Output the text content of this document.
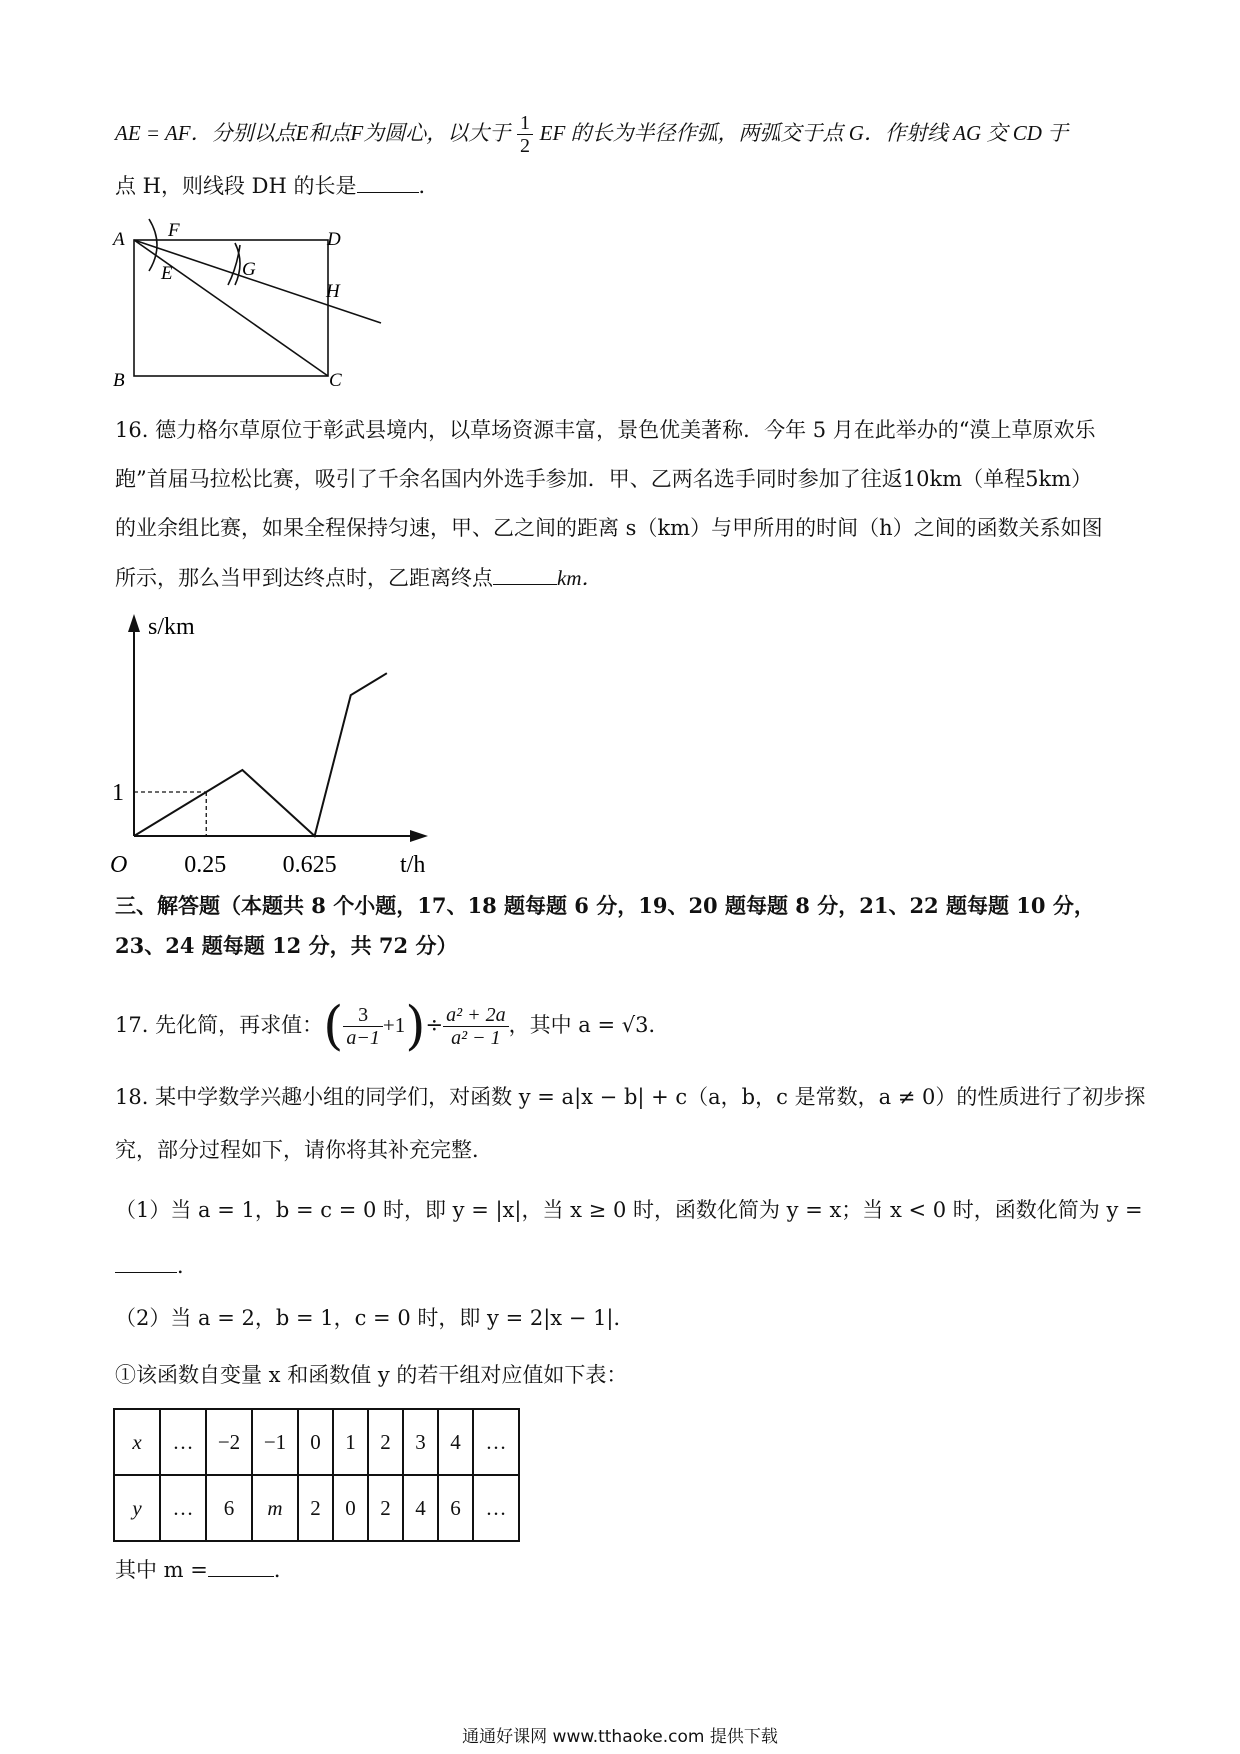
AE = AF．分别以点E和点F为圆心，以大于 $\frac{1}{2}$ EF 的长为半径作弧，两弧交于点 G．作射线 AG 交 CD 于
点 H，则线段 DH 的长是	．
A
B	C
D
E
F
G
H
16. 德力格尔草原位于彰武县境内，以草场资源丰富，景色优美著称．今年 5 月在此举办的“漠上草原欢乐
跑”首届马拉松比赛，吸引了千余名国内外选手参加．甲、乙两名选手同时参加了往返10km（单程5km）
的业余组比赛，如果全程保持匀速，甲、乙之间的距离 s（km）与甲所用的时间（h）之间的函数关系如图
所示，那么当甲到达终点时，乙距离终点	km．
s/km
t/h
O 0.25 0.625
1
三、解答题（本题共 8 个小题，17、18 题每题 6 分，19、20 题每题 8 分，21、22 题每题 10 分，
23、24 题每题 12 分，共 72 分）
17. 先化简，再求值：( $\frac{3}{a-1} +1)\div \frac{\text{a² + 2a}}{\text{a² − 1}}$ ，其中 a = √3．
18. 某中学数学兴趣小组的同学们，对函数 y = a|x − b| + c（a，b，c 是常数，a ≠ 0）的性质进行了初步探
究，部分过程如下，请你将其补充完整．
（1）当 a = 1，b = c = 0 时，即 y = |x|，当 x ≥ 0 时，函数化简为 y = x；当 x < 0 时，函数化简为 y =
．
（2）当 a = 2，b = 1，c = 0 时，即 y = 2|x − 1|．
①该函数自变量 x 和函数值 y 的若干组对应值如下表：
x	…	−2	−1	0	1	2	3	4	…
y	…	6	m	2	0	2	4	6	…
其中 m =	．
通通好课网 www.tthaoke.com 提供下载
